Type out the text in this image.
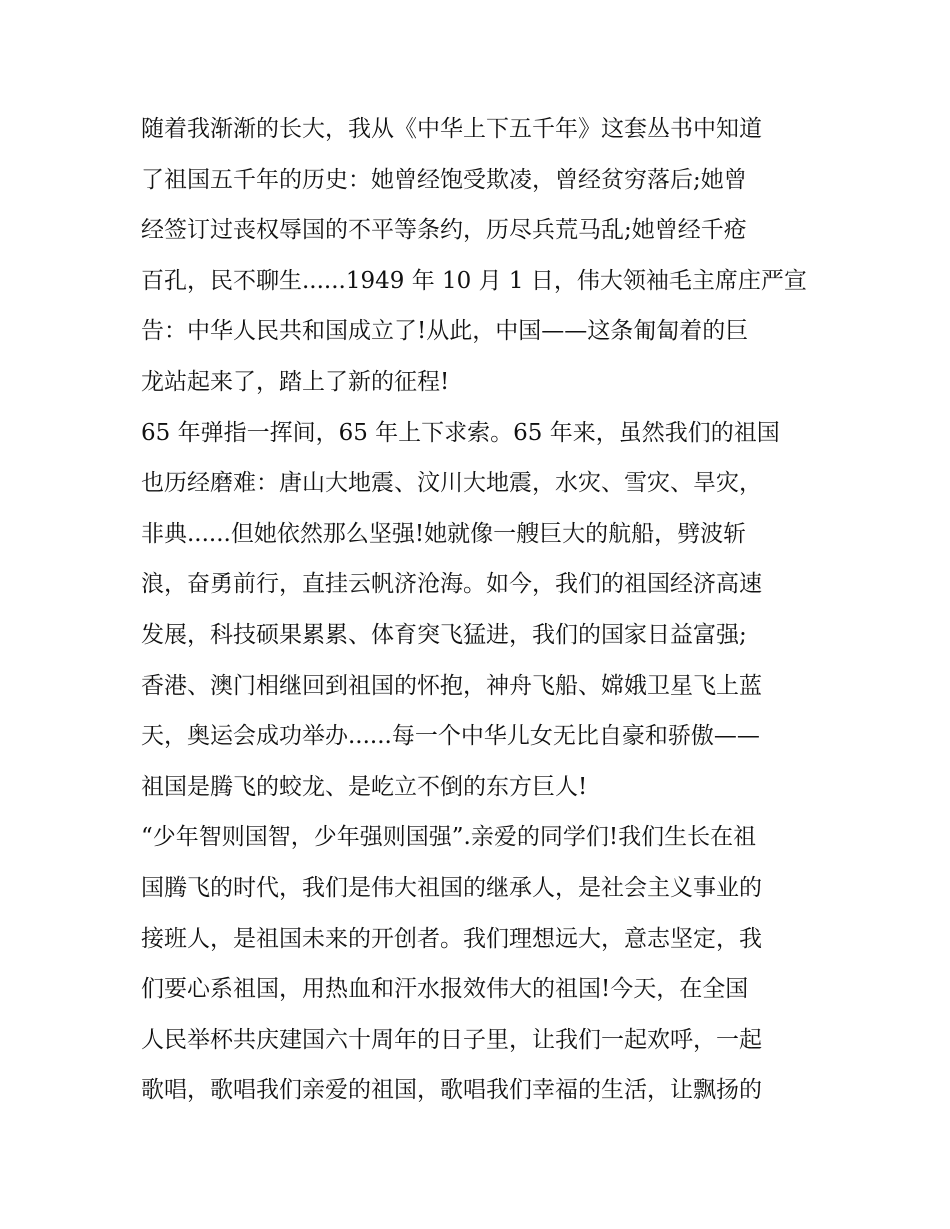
随着我渐渐的长大，我从《中华上下五千年》这套丛书中知道
了祖国五千年的历史：她曾经饱受欺凌，曾经贫穷落后;她曾
经签订过丧权辱国的不平等条约，历尽兵荒马乱;她曾经千疮
百孔，民不聊生......1949 年 10 月 1 日，伟大领袖毛主席庄严宣
告：中华人民共和国成立了!从此，中国——这条匍匐着的巨
龙站起来了，踏上了新的征程!
65 年弹指一挥间，65 年上下求索。65 年来，虽然我们的祖国
也历经磨难：唐山大地震、汶川大地震，水灾、雪灾、旱灾，
非典......但她依然那么坚强!她就像一艘巨大的航船，劈波斩
浪，奋勇前行，直挂云帆济沧海。如今，我们的祖国经济高速
发展，科技硕果累累、体育突飞猛进，我们的国家日益富强;
香港、澳门相继回到祖国的怀抱，神舟飞船、嫦娥卫星飞上蓝
天，奥运会成功举办......每一个中华儿女无比自豪和骄傲——
祖国是腾飞的蛟龙、是屹立不倒的东方巨人!
“少年智则国智，少年强则国强”.亲爱的同学们!我们生长在祖
国腾飞的时代，我们是伟大祖国的继承人，是社会主义事业的
接班人，是祖国未来的开创者。我们理想远大，意志坚定，我
们要心系祖国，用热血和汗水报效伟大的祖国!今天，在全国
人民举杯共庆建国六十周年的日子里，让我们一起欢呼，一起
歌唱，歌唱我们亲爱的祖国，歌唱我们幸福的生活，让飘扬的
